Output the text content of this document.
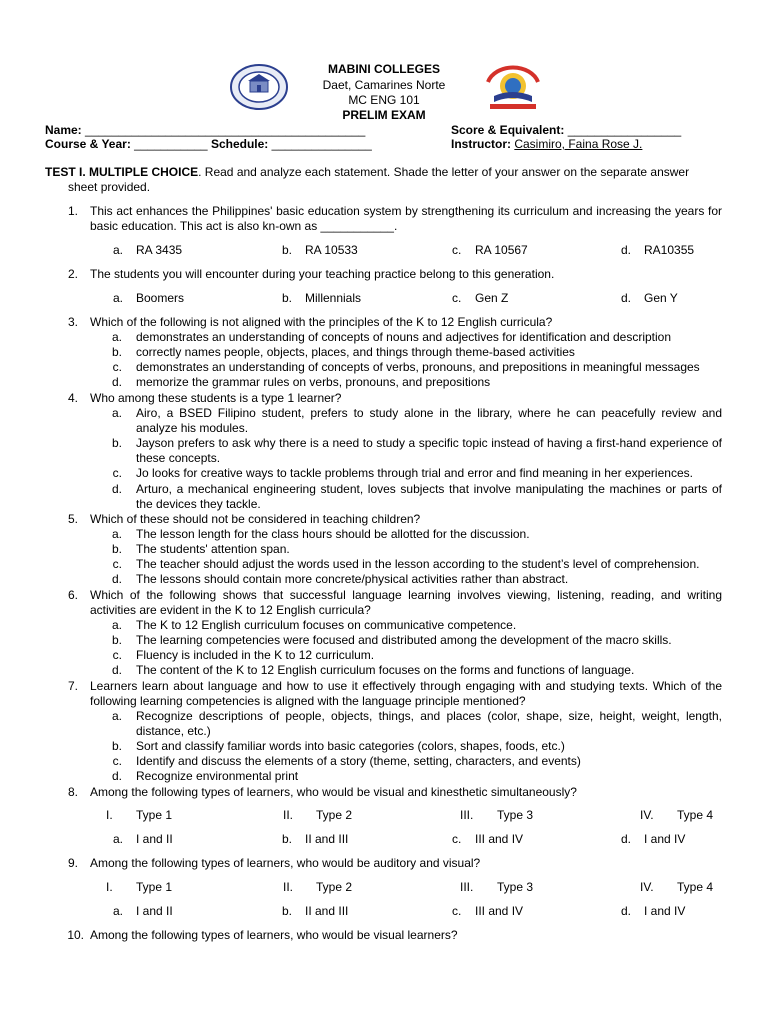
MABINI COLLEGES
Daet, Camarines Norte
MC ENG 101
PRELIM EXAM
Name: __________________________________________	Score & Equivalent: _________________
Course & Year: ___________ Schedule: _______________	Instructor: Casimiro, Faina Rose J.
TEST I. MULTIPLE CHOICE. Read and analyze each statement. Shade the letter of your answer on the separate answer
sheet provided.
1. This act enhances the Philippines' basic education system by strengthening its curriculum and increasing the years for basic education. This act is also kn-own as ___________.
a. RA 3435	b. RA 10533	c. RA 10567	d. RA10355
2. The students you will encounter during your teaching practice belong to this generation.
a. Boomers	b. Millennials	c. Gen Z	d. Gen Y
3. Which of the following is not aligned with the principles of the K to 12 English curricula?
a. demonstrates an understanding of concepts of nouns and adjectives for identification and description
b. correctly names people, objects, places, and things through theme-based activities
c. demonstrates an understanding of concepts of verbs, pronouns, and prepositions in meaningful messages
d. memorize the grammar rules on verbs, pronouns, and prepositions
4. Who among these students is a type 1 learner?
a. Airo, a BSED Filipino student, prefers to study alone in the library, where he can peacefully review and analyze his modules.
b. Jayson prefers to ask why there is a need to study a specific topic instead of having a first-hand experience of these concepts.
c. Jo looks for creative ways to tackle problems through trial and error and find meaning in her experiences.
d. Arturo, a mechanical engineering student, loves subjects that involve manipulating the machines or parts of the devices they tackle.
5. Which of these should not be considered in teaching children?
a. The lesson length for the class hours should be allotted for the discussion.
b. The students' attention span.
c. The teacher should adjust the words used in the lesson according to the student’s level of comprehension.
d. The lessons should contain more concrete/physical activities rather than abstract.
6. Which of the following shows that successful language learning involves viewing, listening, reading, and writing activities are evident in the K to 12 English curricula?
a. The K to 12 English curriculum focuses on communicative competence.
b. The learning competencies were focused and distributed among the development of the macro skills.
c. Fluency is included in the K to 12 curriculum.
d. The content of the K to 12 English curriculum focuses on the forms and functions of language.
7. Learners learn about language and how to use it effectively through engaging with and studying texts. Which of the following learning competencies is aligned with the language principle mentioned?
a. Recognize descriptions of people, objects, things, and places (color, shape, size, height, weight, length, distance, etc.)
b. Sort and classify familiar words into basic categories (colors, shapes, foods, etc.)
c. Identify and discuss the elements of a story (theme, setting, characters, and events)
d. Recognize environmental print
8. Among the following types of learners, who would be visual and kinesthetic simultaneously?
I. Type 1	II. Type 2	III. Type 3	IV. Type 4
a. I and II	b. II and III	c. III and IV	d. I and IV
9. Among the following types of learners, who would be auditory and visual?
I. Type 1	II. Type 2	III. Type 3	IV. Type 4
a. I and II	b. II and III	c. III and IV	d. I and IV
10. Among the following types of learners, who would be visual learners?
